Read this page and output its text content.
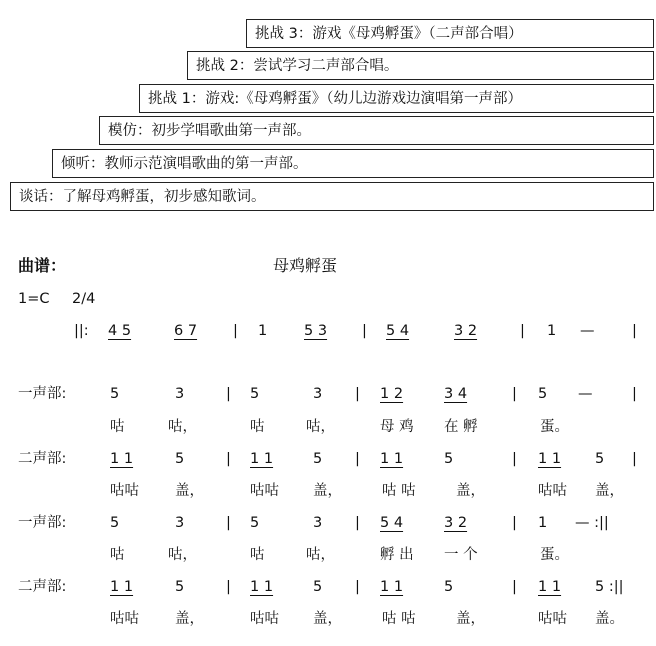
挑战 3：游戏《母鸡孵蛋》（二声部合唱）
挑战 2：尝试学习二声部合唱。
挑战 1：游戏:《母鸡孵蛋》（幼儿边游戏边演唱第一声部）
模仿：初步学唱歌曲第一声部。
倾听：教师示范演唱歌曲的第一声部。
谈话：了解母鸡孵蛋，初步感知歌词。
曲谱：	母鸡孵蛋
1=C 2/4
||: 4 5	6 7 | 1	5 3 | 5 4	3 2	| 1 —	|
一声部:	5	3	| 5	3 | 1 2	3 4	| 5 —	|
咕	咕，	咕	咕，	母 鸡 在 孵	蛋。
二声部:	1 1	5	| 1 1	5 | 1 1	5	| 1 1 5 |
咕咕 盖，	咕咕 盖，	咕 咕	盖，	咕咕 盖，
一声部:	5	3	| 5	3 | 5 4	3 2	| 1 — :||
咕	咕，	咕	咕，	孵 出 一 个	蛋。
二声部:	1 1	5	| 1 1	5 | 1 1	5	| 1 1 5 :||
咕咕 盖，	咕咕 盖，	咕 咕	盖，	咕咕 盖。
